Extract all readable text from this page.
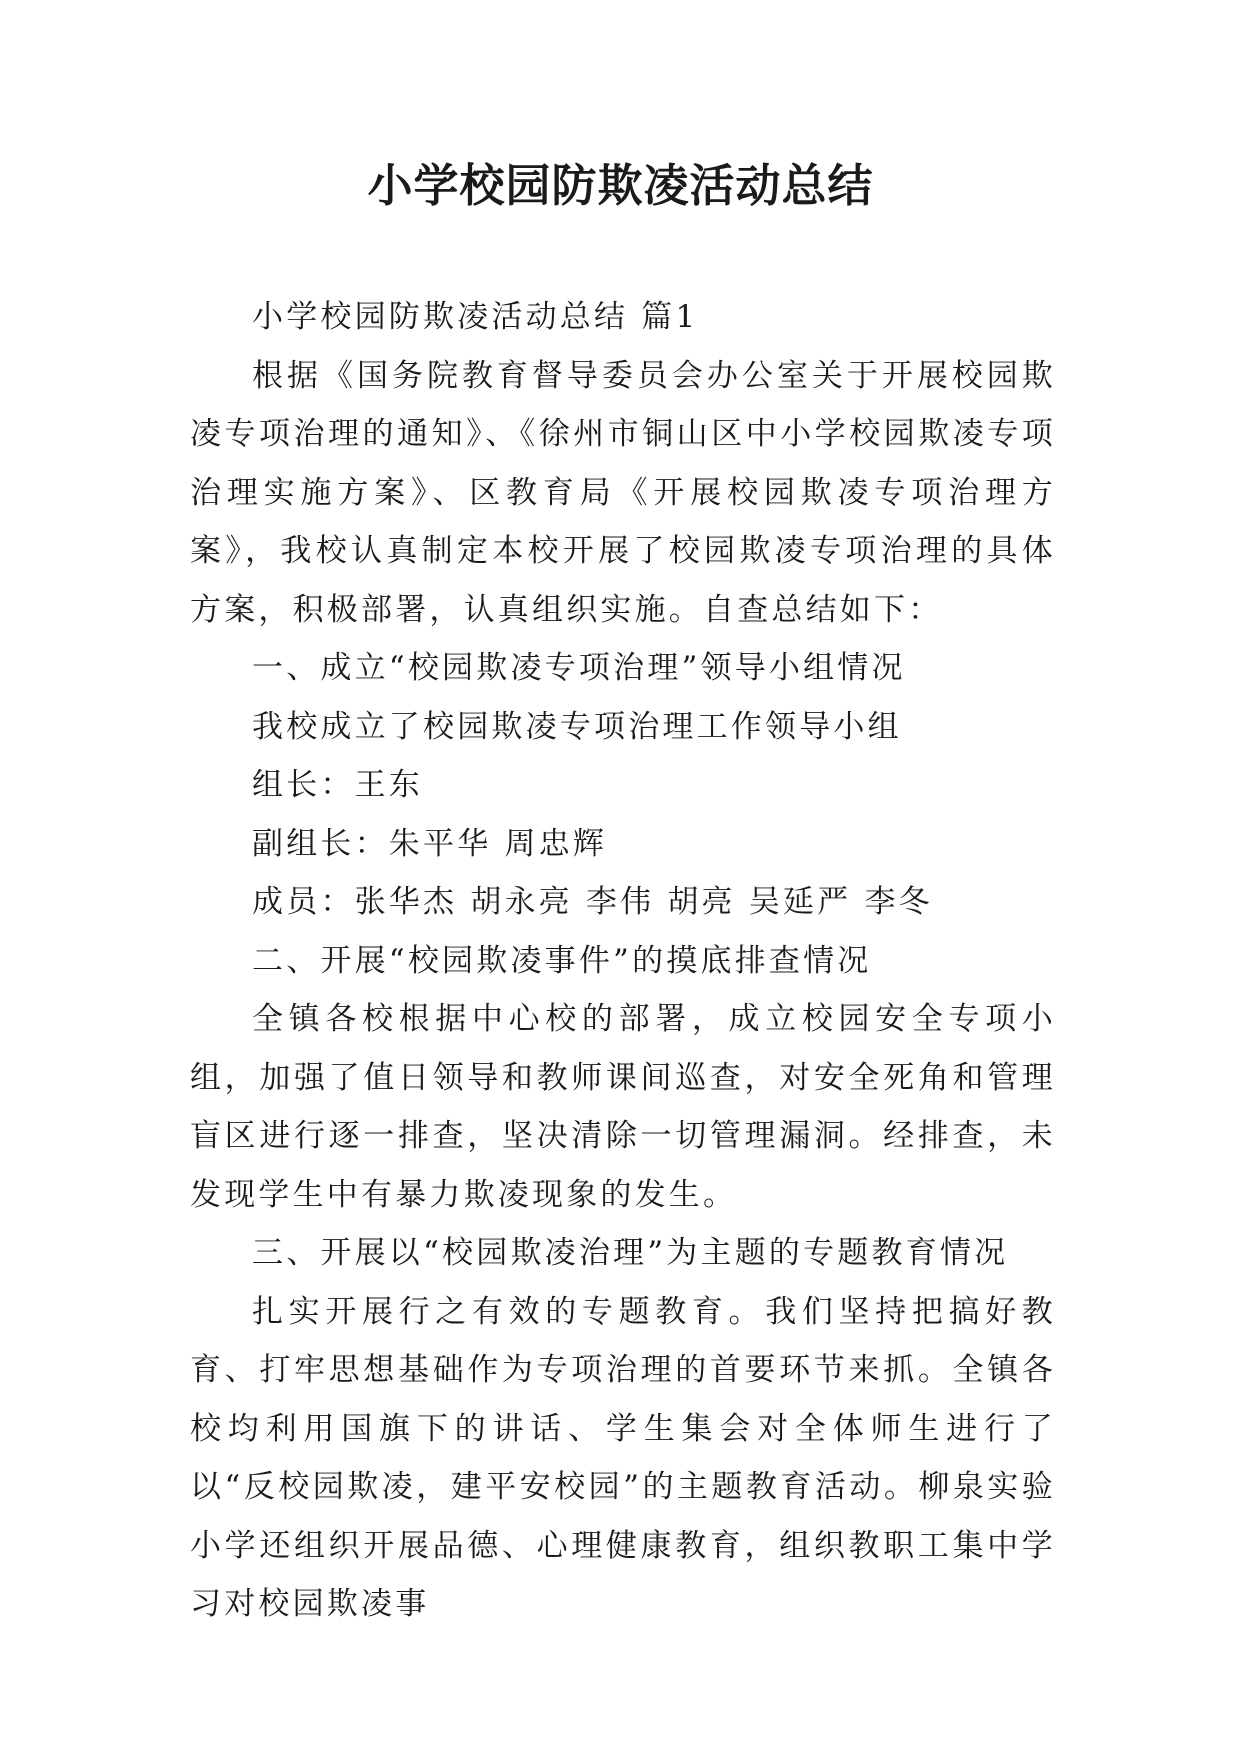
小学校园防欺凌活动总结

小学校园防欺凌活动总结 篇1

根据《国务院教育督导委员会办公室关于开展校园欺凌专项治理的通知》、《徐州市铜山区中小学校园欺凌专项治理实施方案》、区教育局《开展校园欺凌专项治理方案》，我校认真制定本校开展了校园欺凌专项治理的具体方案，积极部署，认真组织实施。自查总结如下：

一、成立“校园欺凌专项治理”领导小组情况

我校成立了校园欺凌专项治理工作领导小组

组长：王东

副组长：朱平华 周忠辉

成员：张华杰 胡永亮 李伟 胡亮 吴延严 李冬

二、开展“校园欺凌事件”的摸底排查情况

全镇各校根据中心校的部署，成立校园安全专项小组，加强了值日领导和教师课间巡查，对安全死角和管理盲区进行逐一排查，坚决清除一切管理漏洞。经排查，未发现学生中有暴力欺凌现象的发生。

三、开展以“校园欺凌治理”为主题的专题教育情况

扎实开展行之有效的专题教育。我们坚持把搞好教育、打牢思想基础作为专项治理的首要环节来抓。全镇各校均利用国旗下的讲话、学生集会对全体师生进行了以“反校园欺凌，建平安校园”的主题教育活动。柳泉实验小学还组织开展品德、心理健康教育，组织教职工集中学习对校园欺凌事
